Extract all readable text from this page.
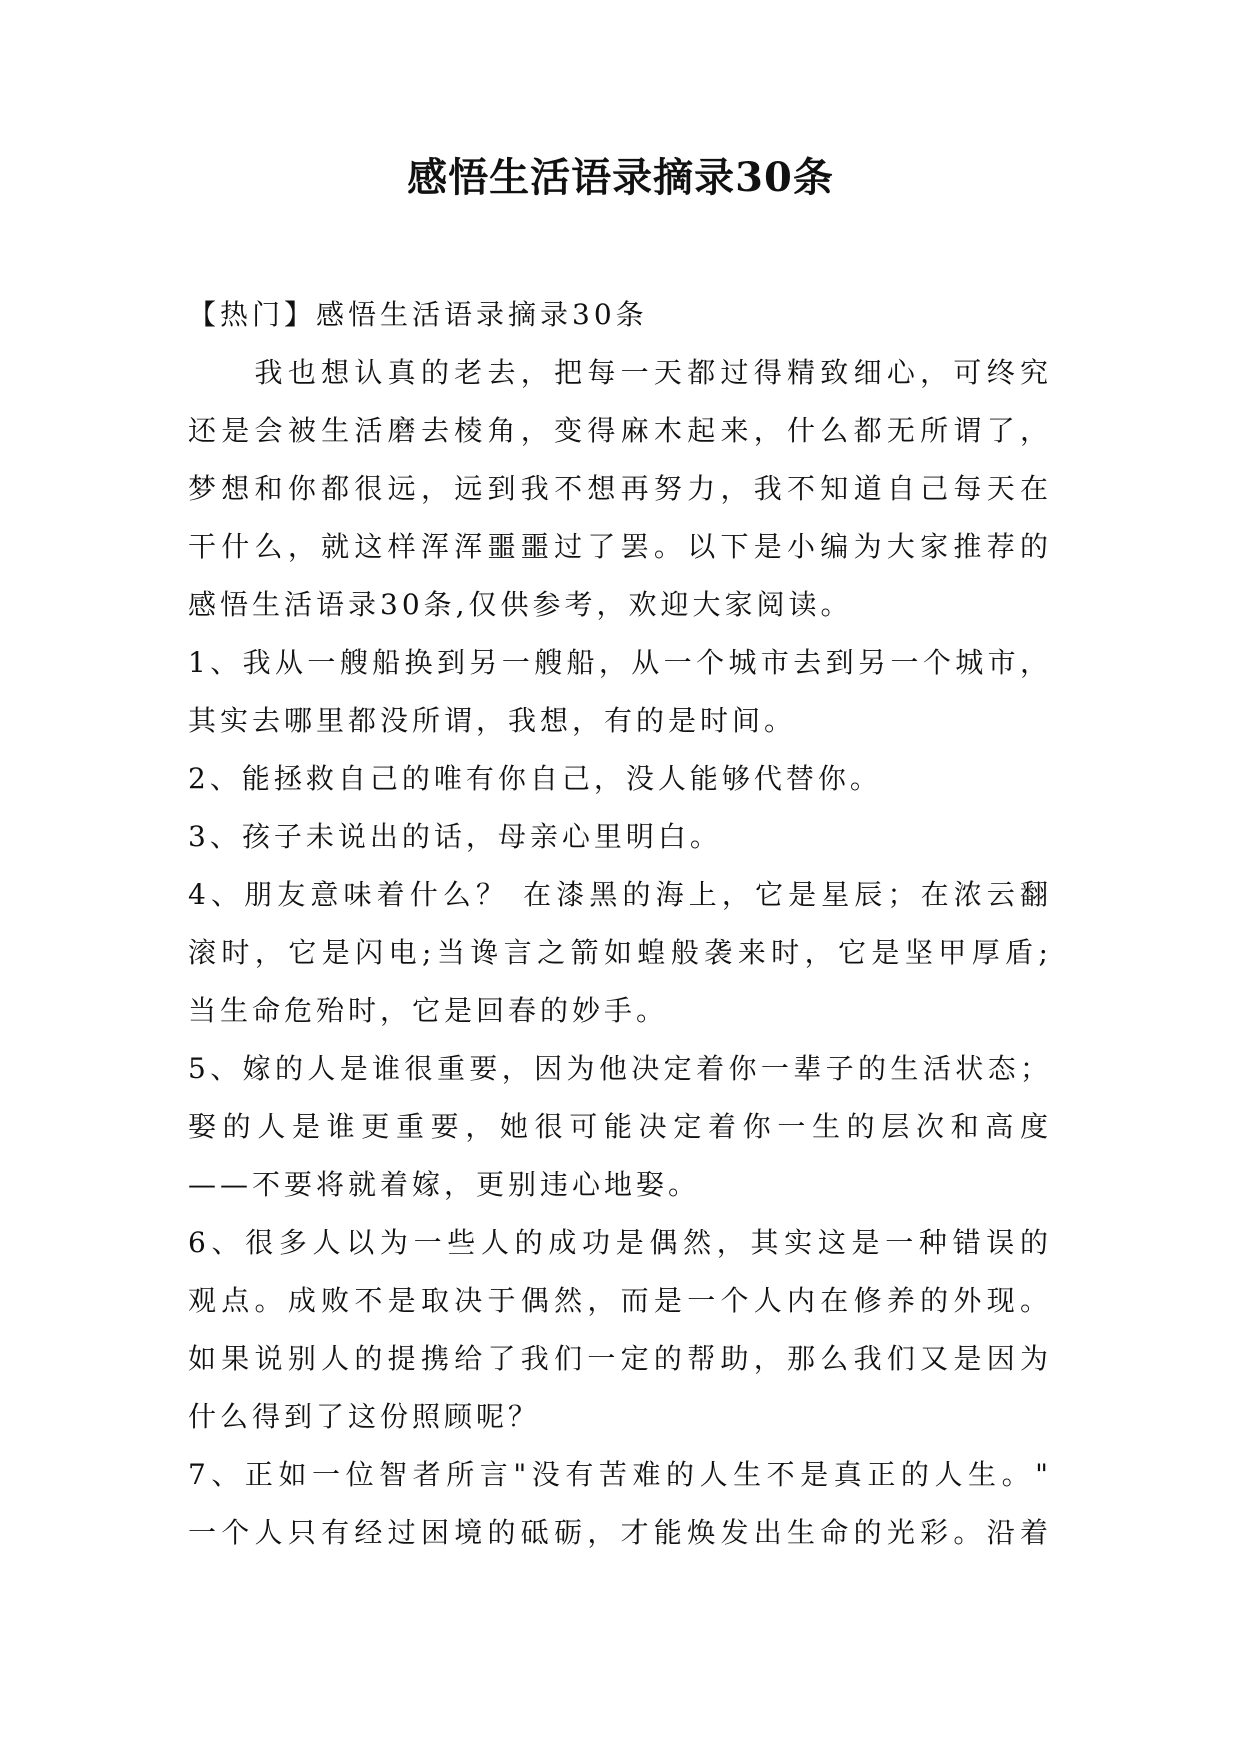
感悟生活语录摘录30条
【热门】感悟生活语录摘录30条
　　我也想认真的老去，把每一天都过得精致细心，可终究
还是会被生活磨去棱角，变得麻木起来，什么都无所谓了，
梦想和你都很远，远到我不想再努力，我不知道自己每天在
干什么，就这样浑浑噩噩过了罢。以下是小编为大家推荐的
感悟生活语录30条,仅供参考，欢迎大家阅读。
1、我从一艘船换到另一艘船，从一个城市去到另一个城市，
其实去哪里都没所谓，我想，有的是时间。
2、能拯救自己的唯有你自己，没人能够代替你。
3、孩子未说出的话，母亲心里明白。
4、朋友意味着什么？ 在漆黑的海上，它是星辰；在浓云翻
滚时，它是闪电;当谗言之箭如蝗般袭来时，它是坚甲厚盾;
当生命危殆时，它是回春的妙手。
5、嫁的人是谁很重要，因为他决定着你一辈子的生活状态；
娶的人是谁更重要，她很可能决定着你一生的层次和高度
——不要将就着嫁，更别违心地娶。
6、很多人以为一些人的成功是偶然，其实这是一种错误的
观点。成败不是取决于偶然，而是一个人内在修养的外现。
如果说别人的提携给了我们一定的帮助，那么我们又是因为
什么得到了这份照顾呢？
7、正如一位智者所言"没有苦难的人生不是真正的人生。"
一个人只有经过困境的砥砺，才能焕发出生命的光彩。沿着
